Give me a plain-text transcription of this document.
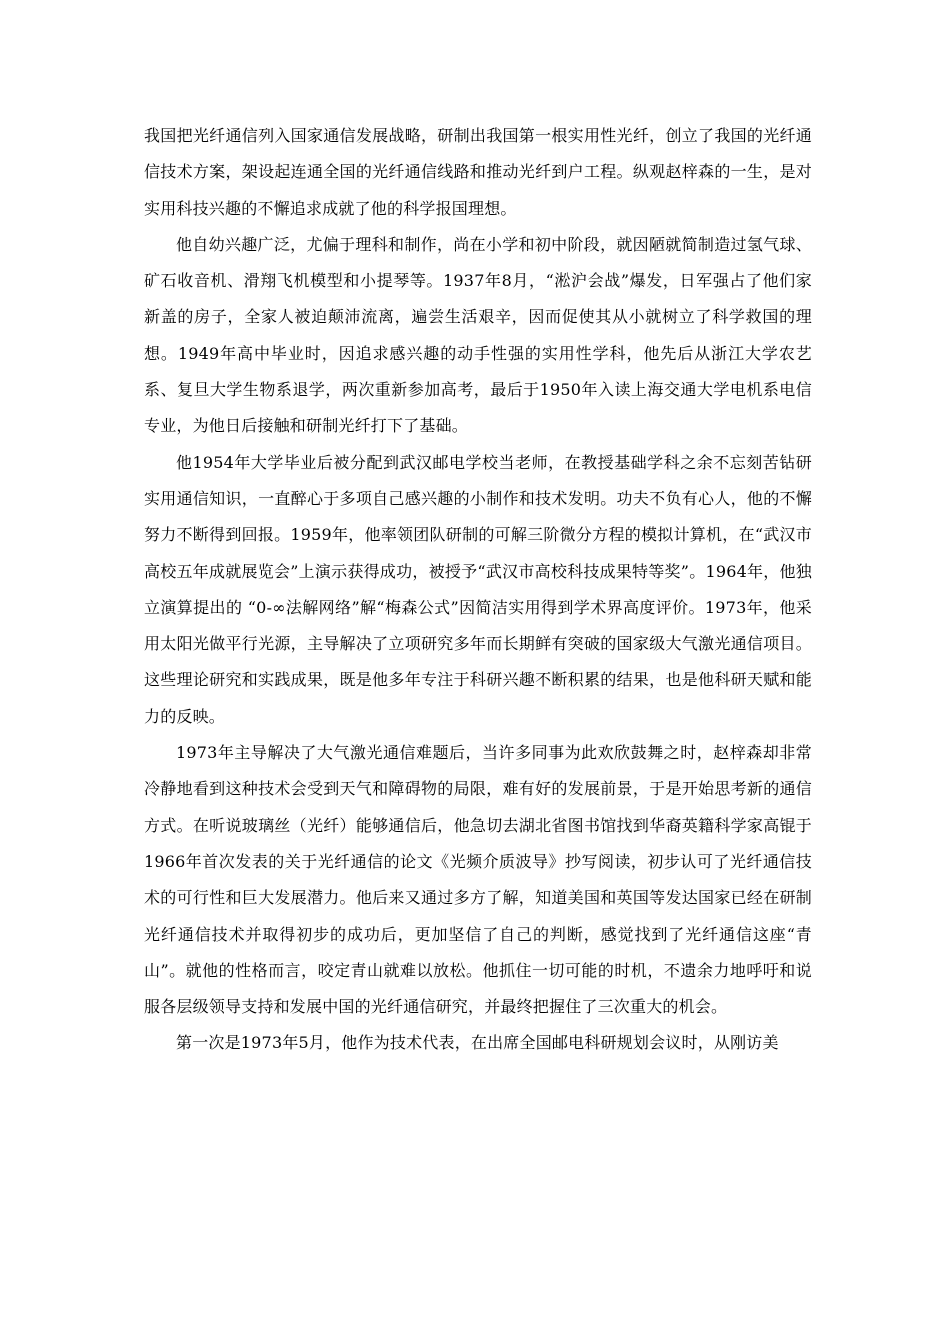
我国把光纤通信列入国家通信发展战略，研制出我国第一根实用性光纤，创立了我国的光纤通信技术方案，架设起连通全国的光纤通信线路和推动光纤到户工程。纵观赵梓森的一生，是对实用科技兴趣的不懈追求成就了他的科学报国理想。

他自幼兴趣广泛，尤偏于理科和制作，尚在小学和初中阶段，就因陋就简制造过氢气球、矿石收音机、滑翔飞机模型和小提琴等。1937年8月，“淞沪会战”爆发，日军强占了他们家新盖的房子，全家人被迫颠沛流离，遍尝生活艰辛，因而促使其从小就树立了科学救国的理想。1949年高中毕业时，因追求感兴趣的动手性强的实用性学科，他先后从浙江大学农艺系、复旦大学生物系退学，两次重新参加高考，最后于1950年入读上海交通大学电机系电信专业，为他日后接触和研制光纤打下了基础。

他1954年大学毕业后被分配到武汉邮电学校当老师，在教授基础学科之余不忘刻苦钻研实用通信知识，一直醉心于多项自己感兴趣的小制作和技术发明。功夫不负有心人，他的不懈努力不断得到回报。1959年，他率领团队研制的可解三阶微分方程的模拟计算机，在“武汉市高校五年成就展览会”上演示获得成功，被授予“武汉市高校科技成果特等奖”。1964年，他独立演算提出的 “0-∞法解网络”解“梅森公式”因简洁实用得到学术界高度评价。1973年，他采用太阳光做平行光源，主导解决了立项研究多年而长期鲜有突破的国家级大气激光通信项目。这些理论研究和实践成果，既是他多年专注于科研兴趣不断积累的结果，也是他科研天赋和能力的反映。

1973年主导解决了大气激光通信难题后，当许多同事为此欢欣鼓舞之时，赵梓森却非常冷静地看到这种技术会受到天气和障碍物的局限，难有好的发展前景，于是开始思考新的通信方式。在听说玻璃丝（光纤）能够通信后，他急切去湖北省图书馆找到华裔英籍科学家高锟于1966年首次发表的关于光纤通信的论文《光频介质波导》抄写阅读，初步认可了光纤通信技术的可行性和巨大发展潜力。他后来又通过多方了解，知道美国和英国等发达国家已经在研制光纤通信技术并取得初步的成功后，更加坚信了自己的判断，感觉找到了光纤通信这座“青山”。就他的性格而言，咬定青山就难以放松。他抓住一切可能的时机，不遗余力地呼吁和说服各层级领导支持和发展中国的光纤通信研究，并最终把握住了三次重大的机会。

第一次是1973年5月，他作为技术代表，在出席全国邮电科研规划会议时，从刚访美
